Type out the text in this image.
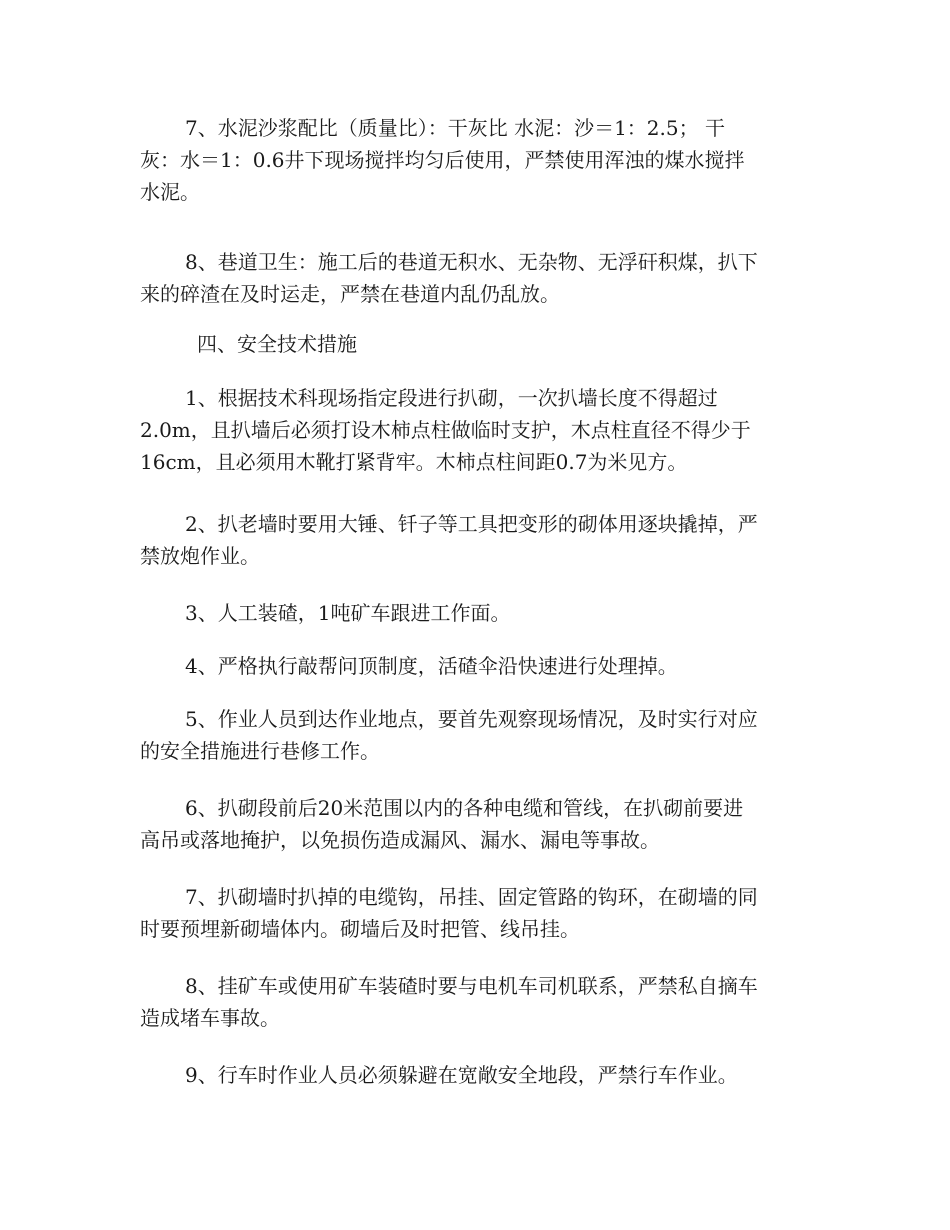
7、水泥沙浆配比（质量比）：干灰比 水泥：沙＝1：2.5； 干
灰：水＝1：0.6井下现场搅拌均匀后使用，严禁使用浑浊的煤水搅拌
水泥。
8、巷道卫生：施工后的巷道无积水、无杂物、无浮矸积煤，扒下
来的碎渣在及时运走，严禁在巷道内乱仍乱放。
四、安全技术措施
1、根据技术科现场指定段进行扒砌，一次扒墙长度不得超过
2.0m，且扒墙后必须打设木柿点柱做临时支护，木点柱直径不得少于
16cm，且必须用木靴打紧背牢。木柿点柱间距0.7为米见方。
2、扒老墙时要用大锤、钎子等工具把变形的砌体用逐块撬掉，严
禁放炮作业。
3、人工装碴，1吨矿车跟进工作面。
4、严格执行敲帮问顶制度，活碴伞沿快速进行处理掉。
5、作业人员到达作业地点，要首先观察现场情况，及时实行对应
的安全措施进行巷修工作。
6、扒砌段前后20米范围以内的各种电缆和管线，在扒砌前要进
高吊或落地掩护，以免损伤造成漏风、漏水、漏电等事故。
7、扒砌墙时扒掉的电缆钩，吊挂、固定管路的钩环，在砌墙的同
时要预埋新砌墙体内。砌墙后及时把管、线吊挂。
8、挂矿车或使用矿车装碴时要与电机车司机联系，严禁私自摘车
造成堵车事故。
9、行车时作业人员必须躲避在宽敞安全地段，严禁行车作业。
